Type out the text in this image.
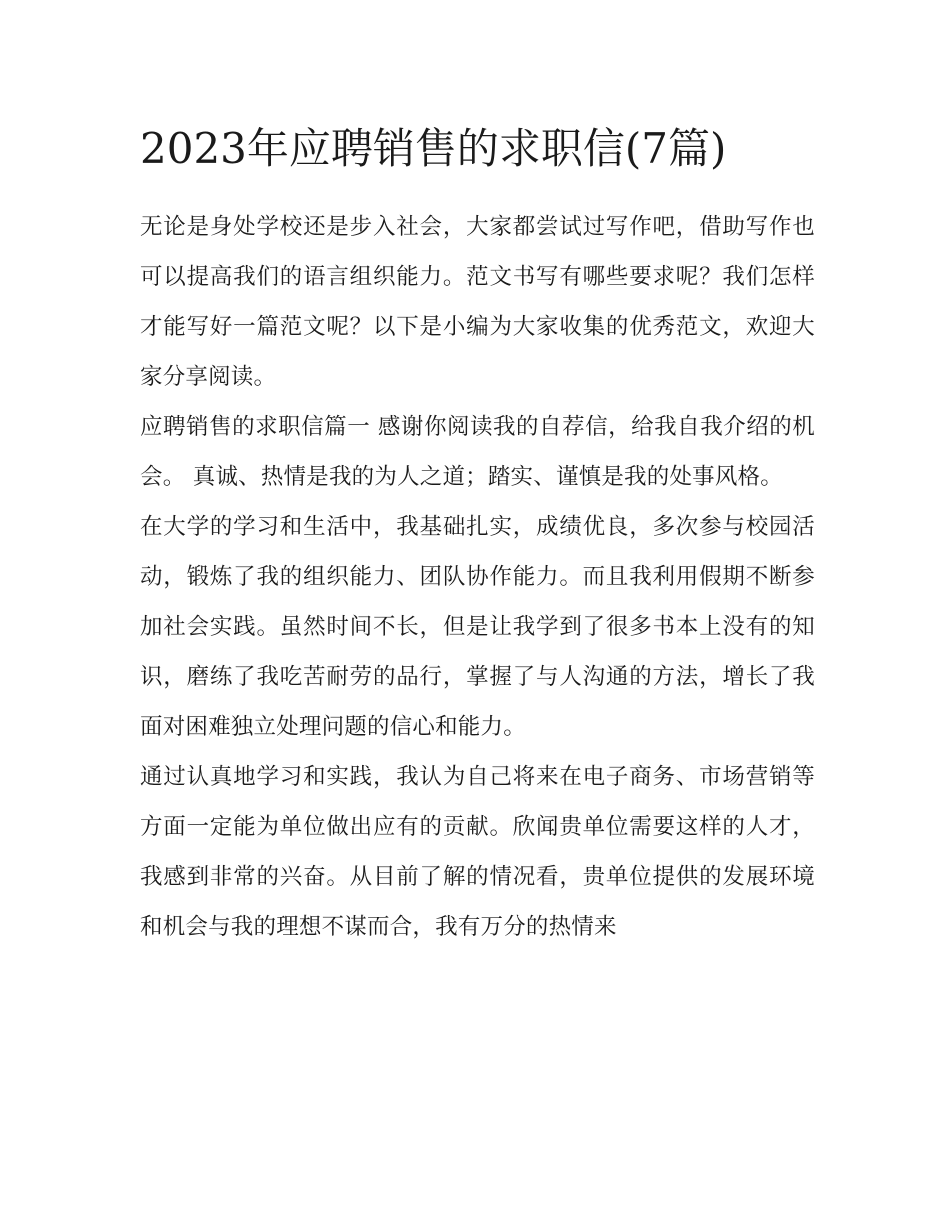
2023年应聘销售的求职信(7篇)

无论是身处学校还是步入社会，大家都尝试过写作吧，借助写作也可以提高我们的语言组织能力。范文书写有哪些要求呢？我们怎样才能写好一篇范文呢？以下是小编为大家收集的优秀范文，欢迎大家分享阅读。

应聘销售的求职信篇一 感谢你阅读我的自荐信，给我自我介绍的机会。 真诚、热情是我的为人之道；踏实、谨慎是我的处事风格。

在大学的学习和生活中，我基础扎实，成绩优良，多次参与校园活动，锻炼了我的组织能力、团队协作能力。而且我利用假期不断参加社会实践。虽然时间不长，但是让我学到了很多书本上没有的知识，磨练了我吃苦耐劳的品行，掌握了与人沟通的方法，增长了我面对困难独立处理问题的信心和能力。

通过认真地学习和实践，我认为自己将来在电子商务、市场营销等方面一定能为单位做出应有的贡献。欣闻贵单位需要这样的人才，我感到非常的兴奋。从目前了解的情况看，贵单位提供的发展环境和机会与我的理想不谋而合，我有万分的热情来
